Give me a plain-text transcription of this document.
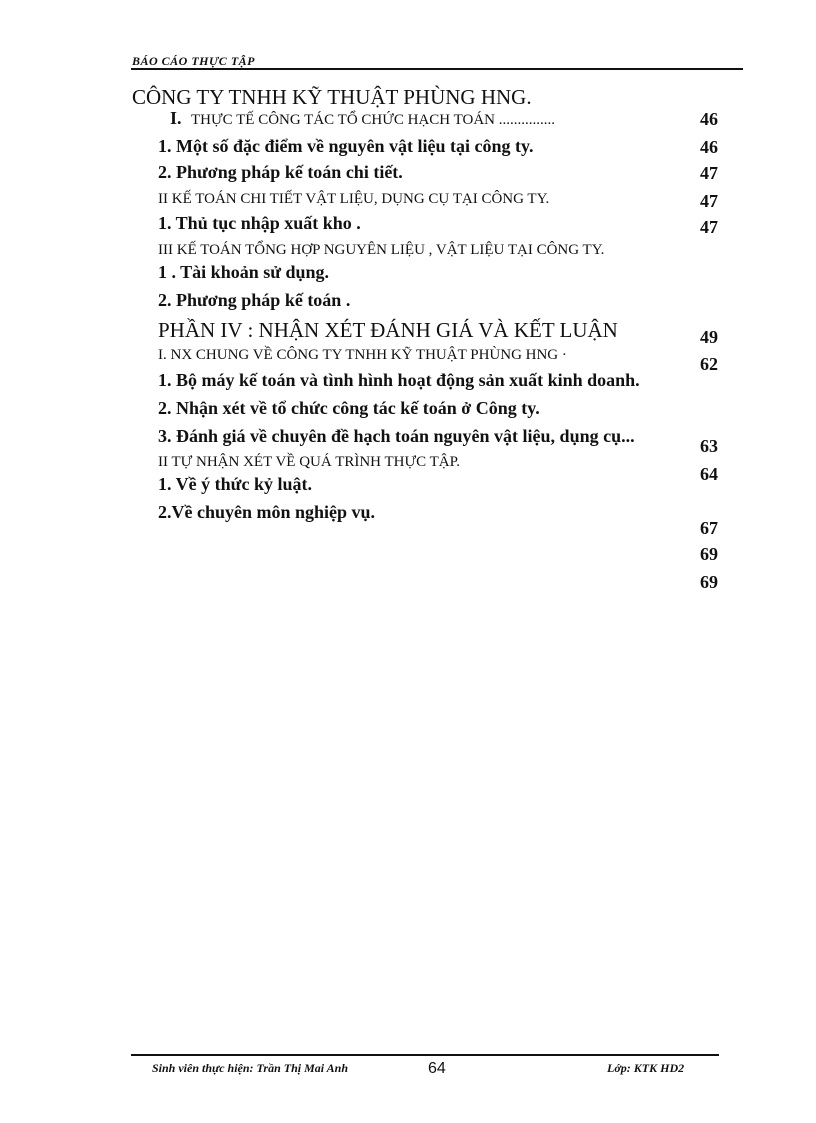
BÁO CÁO THỰC TẬP
CÔNG TY TNHH KỸ THUẬT PHÙNG HNG.
I. THỰC TẾ CÔNG TÁC TỔ CHỨC HẠCH TOÁN ...............
1. Một số đặc điểm về nguyên vật liệu tại công ty.
2. Phương pháp kế toán chi tiết.
II KẾ TOÁN CHI TIẾT VẬT LIỆU, DỤNG CỤ TẠI CÔNG TY.
1. Thủ tục nhập xuất kho .
III KẾ TOÁN TỔNG HỢP NGUYÊN LIỆU , VẬT LIỆU TẠI CÔNG TY.
1 . Tài khoản sử dụng.
2. Phương pháp kế toán .
PHẦN IV : NHẬN XÉT ĐÁNH GIÁ VÀ KẾT LUẬN
I. NX CHUNG VỀ CÔNG TY TNHH KỸ THUẬT PHÙNG HNG ·
1. Bộ máy kế toán và tình hình hoạt động sản xuất kinh doanh.
2. Nhận xét về tổ chức công tác kế toán ở Công ty.
3. Đánh giá về chuyên đề hạch toán nguyên vật liệu, dụng cụ...
II TỰ NHẬN XÉT VỀ QUÁ TRÌNH THỰC TẬP.
1. Về ý thức kỷ luật.
2.Về chuyên môn nghiệp vụ.
46
46
47
47
47
49
62
63
64
67
69
69
Sinh viên thực hiện: Trần Thị Mai Anh	64	Lớp: KTK HD2
